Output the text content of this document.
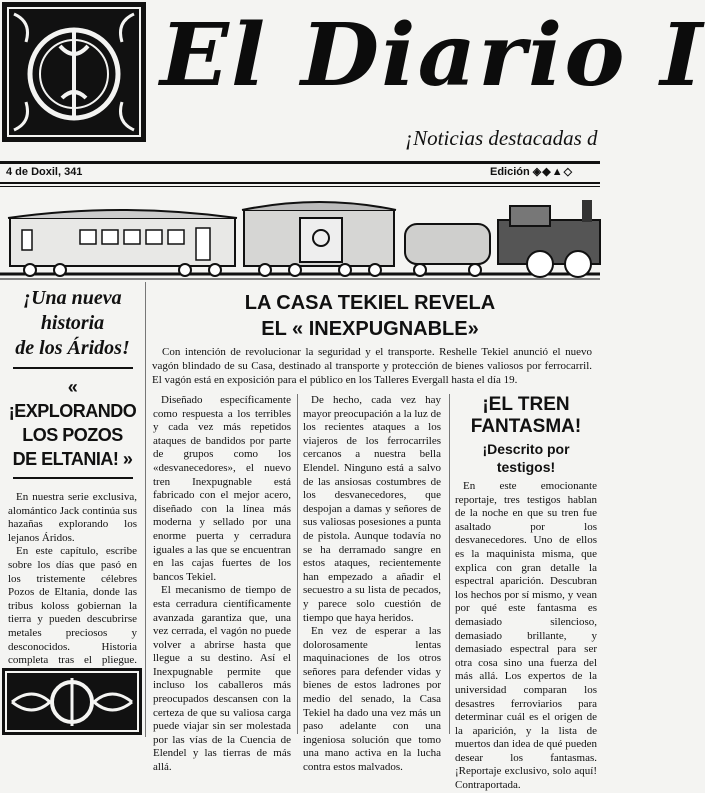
El Diario I
¡Noticias destacadas d
4 de Doxil, 341	Edición ◈◆▲◇

¡Una nueva

historia

de los Áridos!

« ¡EXPLORANDO

LOS POZOS

DE ELTANIA! »

En nuestra serie exclusiva, alomántico Jack continúa sus hazañas explorando los lejanos Áridos.

En este capítulo, escribe sobre los días que pasó en los tristemente célebres Pozos de Eltania, donde las tribus koloss gobiernan la tierra y pueden descubrirse metales preciosos y desconocidos. Historia completa tras el pliegue.

LA CASA TEKIEL REVELA
EL « INEXPUGNABLE»

Con intención de revolucionar la seguridad y el transporte. Reshelle Tekiel anunció el nuevo vagón blindado de su Casa, destinado al transporte y protección de bienes valiosos por ferrocarril. El vagón está en exposición para el público en los Talleres Evergall hasta el día 19.

Diseñado específicamente como respuesta a los terribles y cada vez más repetidos ataques de bandidos por parte de grupos como los «desvanecedores», el nuevo tren Inexpugnable está fabricado con el mejor acero, diseñado con la línea más moderna y sellado por una enorme puerta y cerradura iguales a las que se encuentran en las cajas fuertes de los bancos Tekiel.

El mecanismo de tiempo de esta cerradura científicamente avanzada garantiza que, una vez cerrada, el vagón no puede volver a abrirse hasta que llegue a su destino. Así el Inexpugnable permite que incluso los caballeros más preocupados descansen con la certeza de que su valiosa carga puede viajar sin ser molestada por las vías de la Cuencia de Elendel y las tierras de más allá.

De hecho, cada vez hay mayor preocupación a la luz de los recientes ataques a los viajeros de los ferrocarriles cercanos a nuestra bella Elendel. Ninguno está a salvo de las ansiosas costumbres de los desvanecedores, que despojan a damas y señores de sus valiosas posesiones a punta de pistola. Aunque todavía no se ha derramado sangre en estos ataques, recientemente han empezado a añadir el secuestro a su lista de pecados, y parece solo cuestión de tiempo que haya heridos.

En vez de esperar a las dolorosamente lentas maquinaciones de los otros señores para defender vidas y bienes de estos ladrones por medio del senado, la Casa Tekiel ha dado una vez más un paso adelante con una ingeniosa solución que tomo una mano activa en la lucha contra estos malvados.

¡EL TREN

FANTASMA!

¡Descrito por testigos!

En este emocionante reportaje, tres testigos hablan de la noche en que su tren fue asaltado por los desvanecedores. Uno de ellos es la maquinista misma, que explica con gran detalle la espectral aparición. Descubran los hechos por sí mismo, y vean por qué este fantasma es demasiado silencioso, demasiado brillante, y demasiado espectral para ser otra cosa sino una fuerza del más allá. Los expertos de la universidad comparan los desastres ferroviarios para determinar cuál es el origen de la aparición, y la lista de muertos dan idea de qué pueden desear los fantasmas. ¡Reportaje exclusivo, solo aquí! Contraportada.
